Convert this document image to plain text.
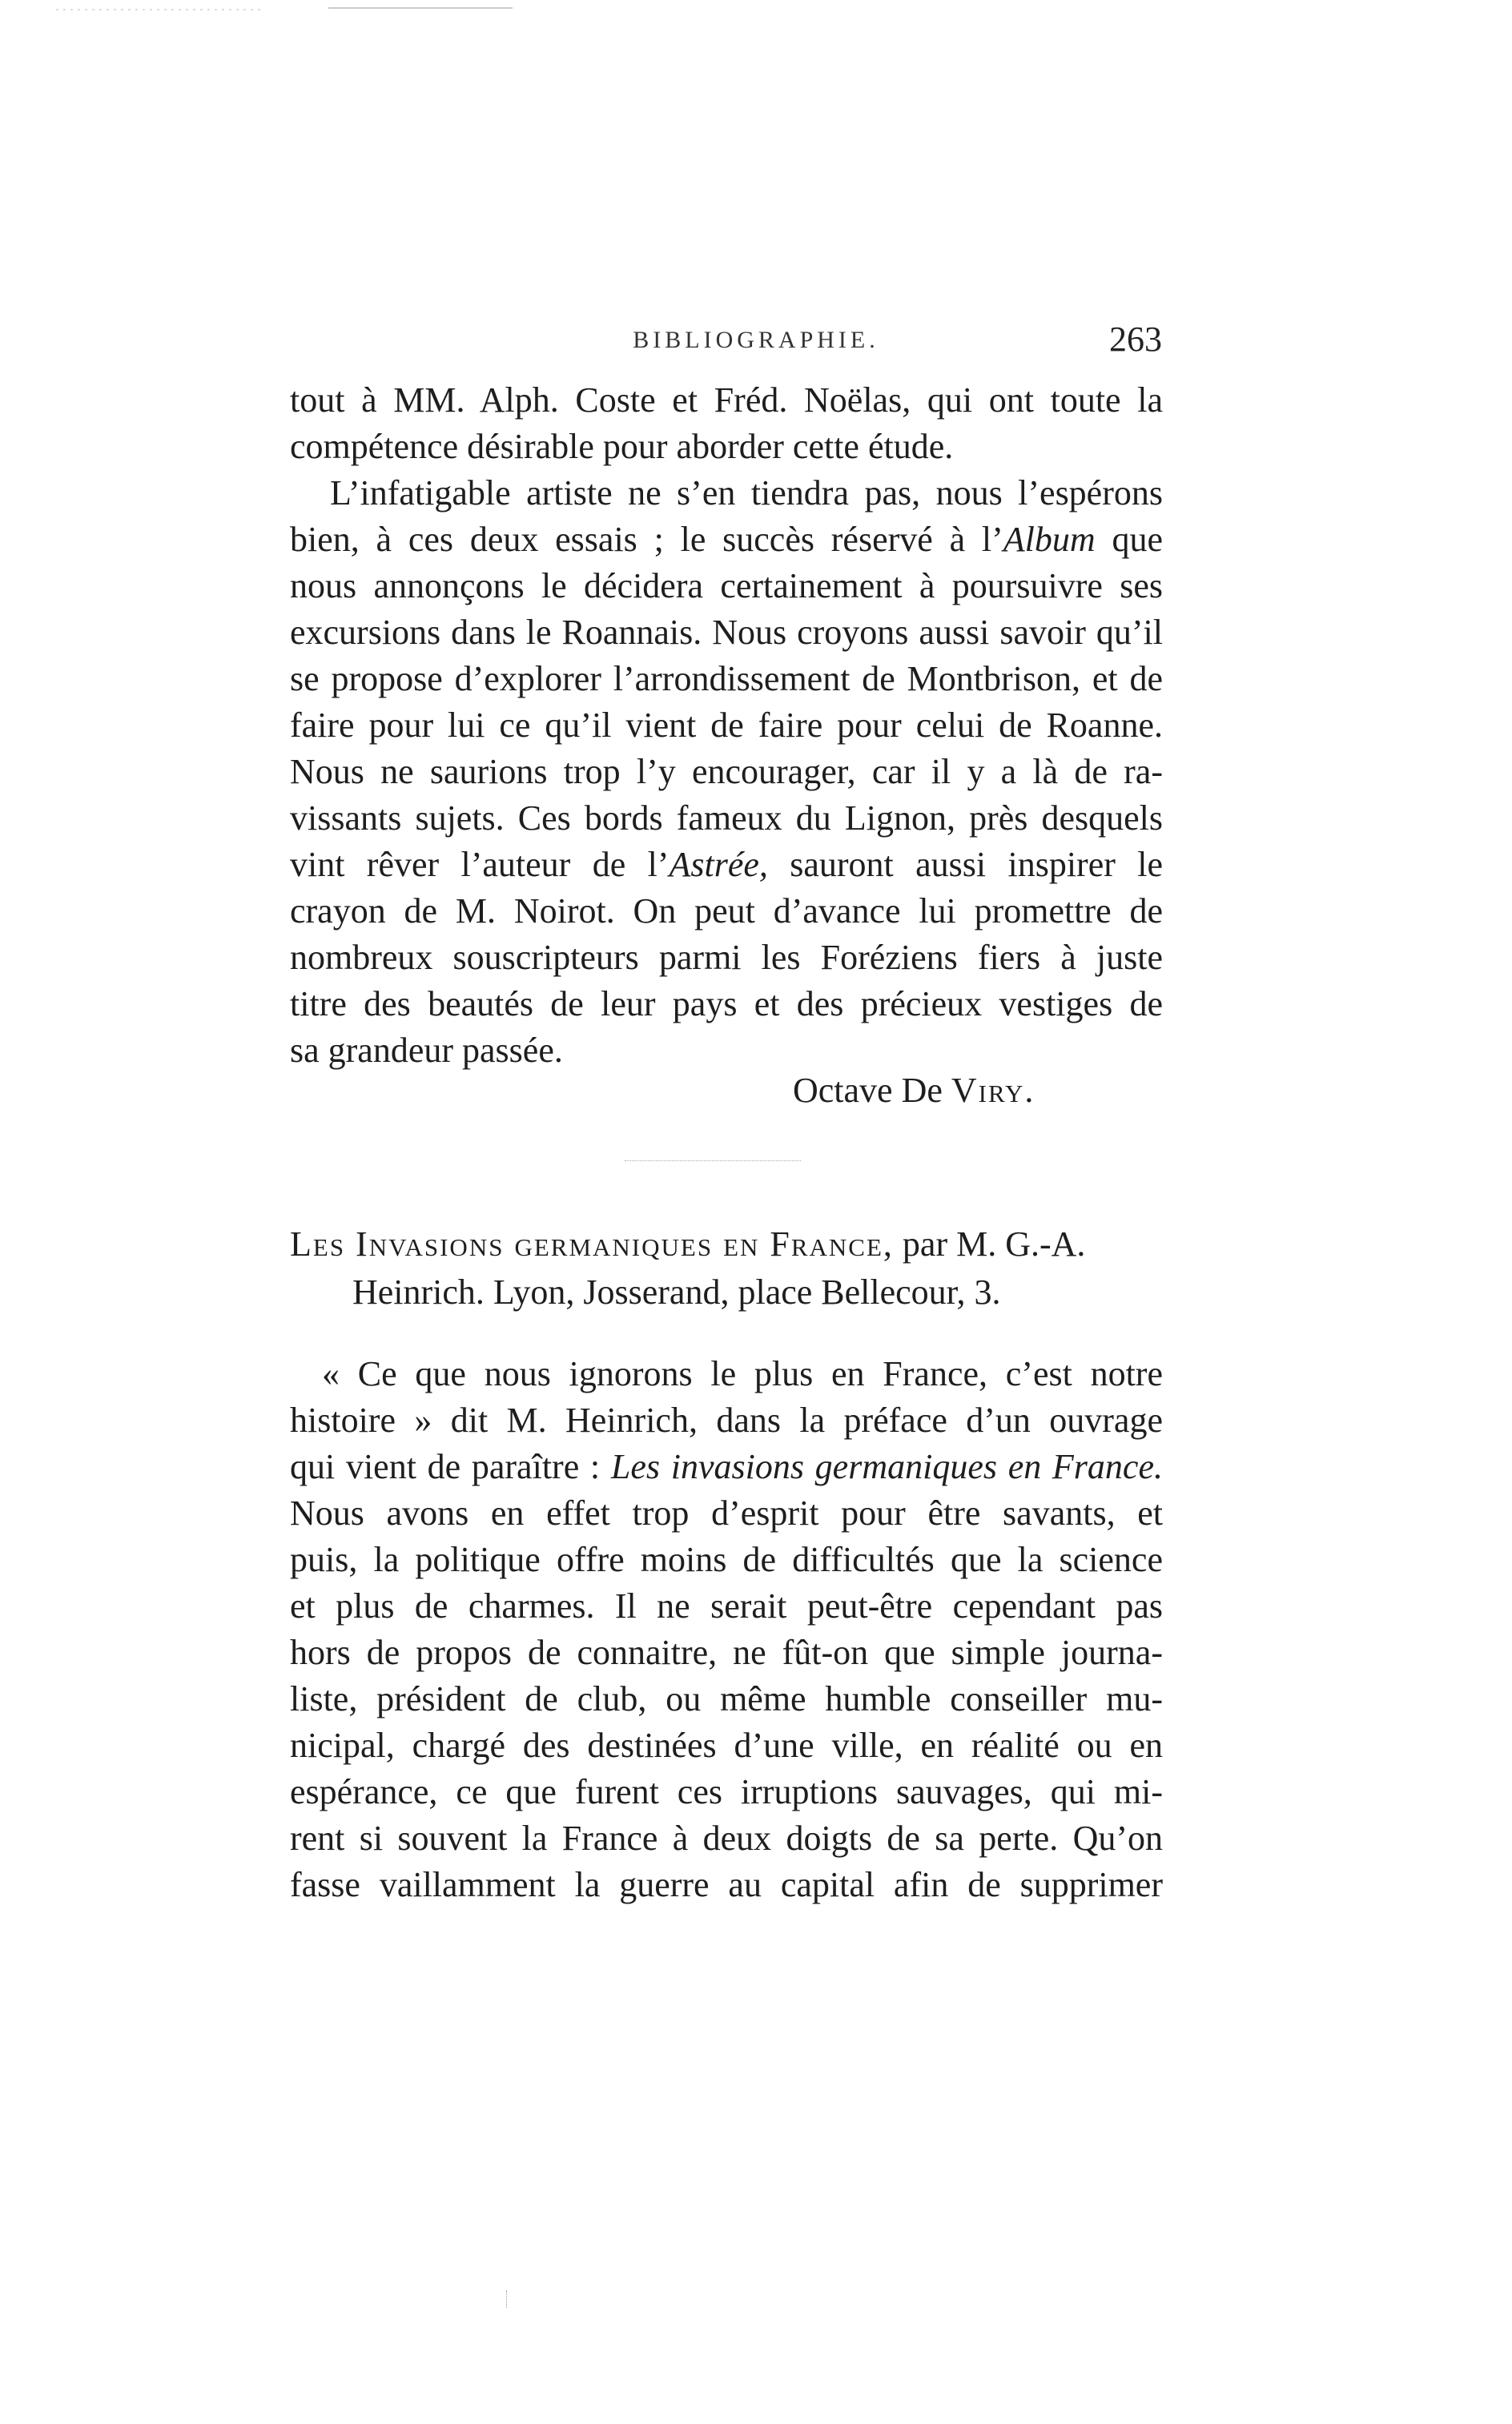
BIBLIOGRAPHIE.	263
tout à MM. Alph. Coste et Fréd. Noëlas, qui ont toute la
compétence désirable pour aborder cette étude.
L’infatigable artiste ne s’en tiendra pas, nous l’espérons
bien, à ces deux essais ; le succès réservé à l’Album que
nous annonçons le décidera certainement à poursuivre ses
excursions dans le Roannais. Nous croyons aussi savoir qu’il
se propose d’explorer l’arrondissement de Montbrison, et de
faire pour lui ce qu’il vient de faire pour celui de Roanne.
Nous ne saurions trop l’y encourager, car il y a là de ra-
vissants sujets. Ces bords fameux du Lignon, près desquels
vint rêver l’auteur de l’Astrée, sauront aussi inspirer le
crayon de M. Noirot. On peut d’avance lui promettre de
nombreux souscripteurs parmi les Foréziens fiers à juste
titre des beautés de leur pays et des précieux vestiges de
sa grandeur passée.
Octave De Viry.
Les Invasions germaniques en France, par M. G.-A.
Heinrich. Lyon, Josserand, place Bellecour, 3.
« Ce que nous ignorons le plus en France, c’est notre
histoire » dit M. Heinrich, dans la préface d’un ouvrage
qui vient de paraître : Les invasions germaniques en France.
Nous avons en effet trop d’esprit pour être savants, et
puis, la politique offre moins de difficultés que la science
et plus de charmes. Il ne serait peut-être cependant pas
hors de propos de connaitre, ne fût-on que simple journa-
liste, président de club, ou même humble conseiller mu-
nicipal, chargé des destinées d’une ville, en réalité ou en
espérance, ce que furent ces irruptions sauvages, qui mi-
rent si souvent la France à deux doigts de sa perte. Qu’on
fasse vaillamment la guerre au capital afin de supprimer
